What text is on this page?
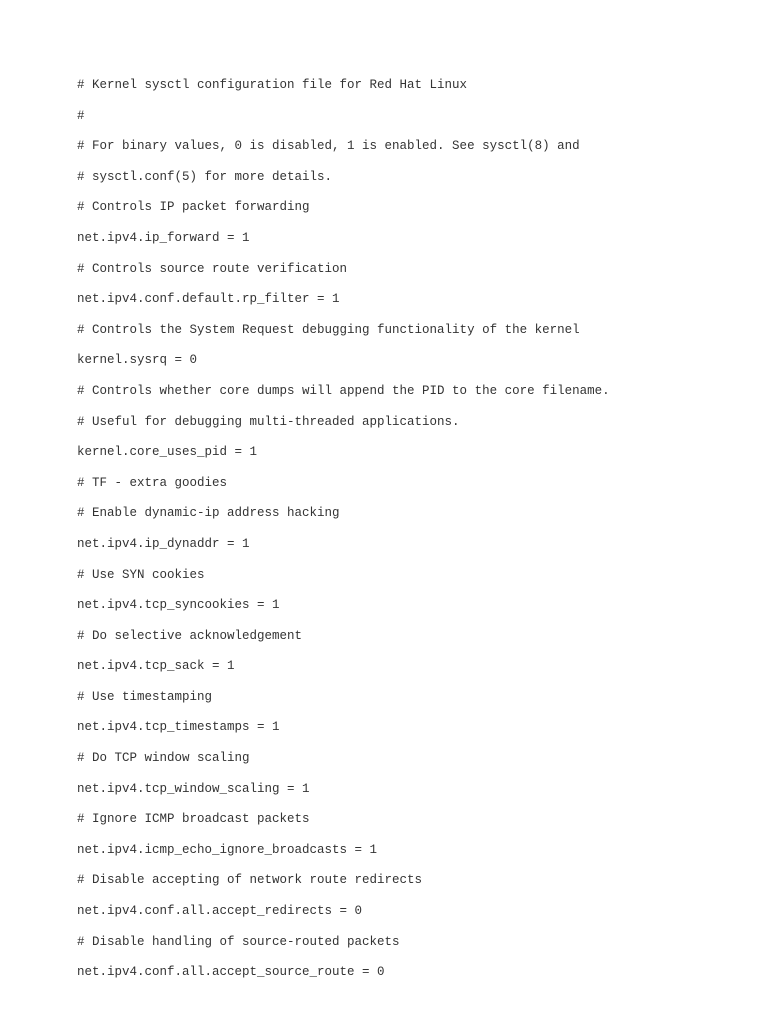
# Kernel sysctl configuration file for Red Hat Linux
#
# For binary values, 0 is disabled, 1 is enabled. See sysctl(8) and
# sysctl.conf(5) for more details.
# Controls IP packet forwarding
net.ipv4.ip_forward = 1
# Controls source route verification
net.ipv4.conf.default.rp_filter = 1
# Controls the System Request debugging functionality of the kernel
kernel.sysrq = 0
# Controls whether core dumps will append the PID to the core filename.
# Useful for debugging multi-threaded applications.
kernel.core_uses_pid = 1
# TF - extra goodies
# Enable dynamic-ip address hacking
net.ipv4.ip_dynaddr = 1
# Use SYN cookies
net.ipv4.tcp_syncookies = 1
# Do selective acknowledgement
net.ipv4.tcp_sack = 1
# Use timestamping
net.ipv4.tcp_timestamps = 1
# Do TCP window scaling
net.ipv4.tcp_window_scaling = 1
# Ignore ICMP broadcast packets
net.ipv4.icmp_echo_ignore_broadcasts = 1
# Disable accepting of network route redirects
net.ipv4.conf.all.accept_redirects = 0
# Disable handling of source-routed packets
net.ipv4.conf.all.accept_source_route = 0
